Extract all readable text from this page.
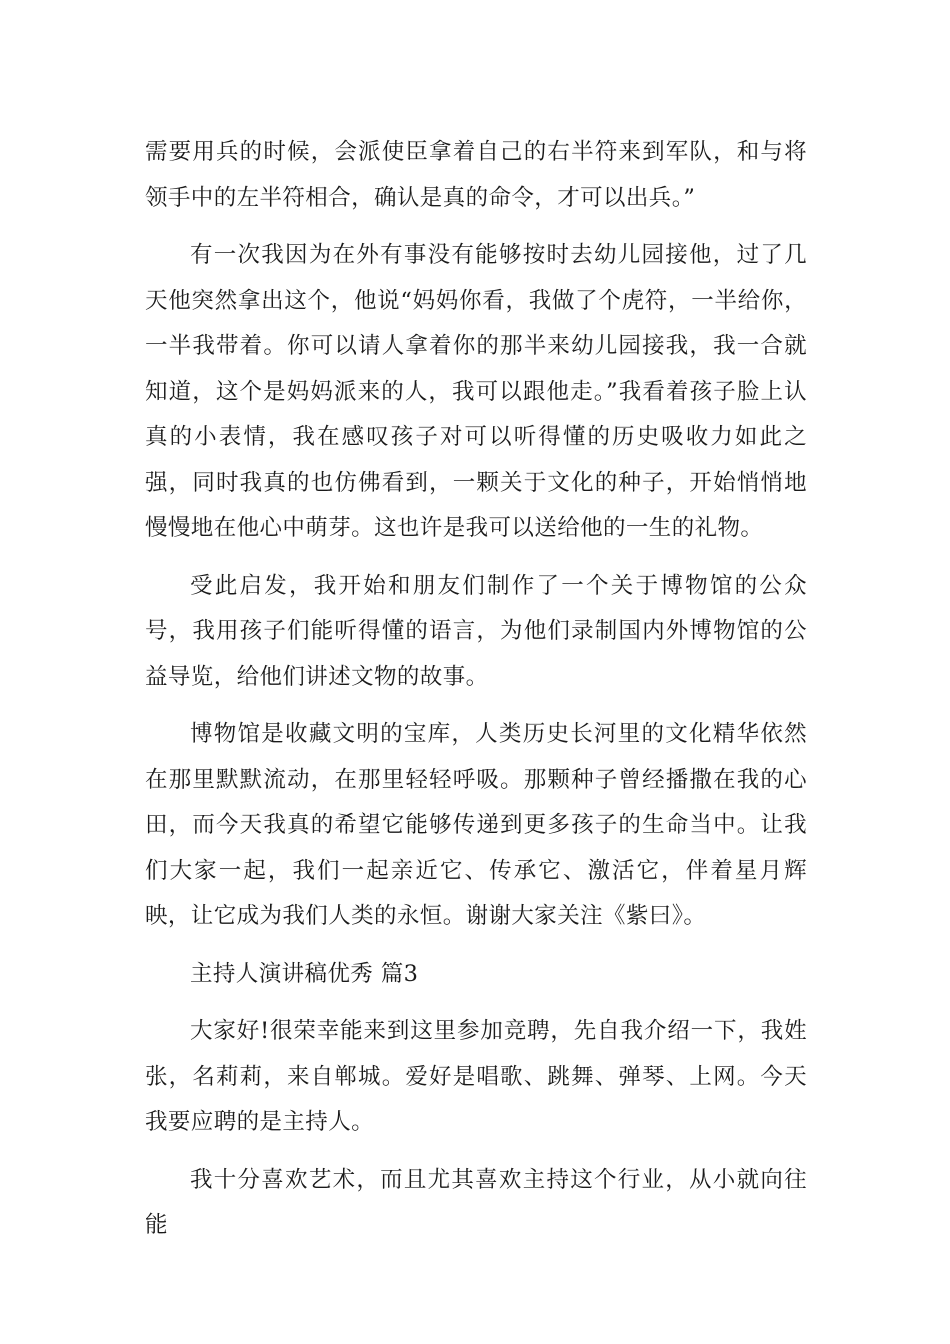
需要用兵的时候，会派使臣拿着自己的右半符来到军队，和与将领手中的左半符相合，确认是真的命令，才可以出兵。”

有一次我因为在外有事没有能够按时去幼儿园接他，过了几天他突然拿出这个，他说“妈妈你看，我做了个虎符，一半给你，一半我带着。你可以请人拿着你的那半来幼儿园接我，我一合就知道，这个是妈妈派来的人，我可以跟他走。”我看着孩子脸上认真的小表情，我在感叹孩子对可以听得懂的历史吸收力如此之强，同时我真的也仿佛看到，一颗关于文化的种子，开始悄悄地慢慢地在他心中萌芽。这也许是我可以送给他的一生的礼物。

受此启发，我开始和朋友们制作了一个关于博物馆的公众号，我用孩子们能听得懂的语言，为他们录制国内外博物馆的公益导览，给他们讲述文物的故事。

博物馆是收藏文明的宝库，人类历史长河里的文化精华依然在那里默默流动，在那里轻轻呼吸。那颗种子曾经播撒在我的心田，而今天我真的希望它能够传递到更多孩子的生命当中。让我们大家一起，我们一起亲近它、传承它、激活它，伴着星月辉映，让它成为我们人类的永恒。谢谢大家关注《紫曰》。

主持人演讲稿优秀 篇3

大家好!很荣幸能来到这里参加竞聘，先自我介绍一下，我姓张，名莉莉，来自郸城。爱好是唱歌、跳舞、弹琴、上网。今天我要应聘的是主持人。

我十分喜欢艺术，而且尤其喜欢主持这个行业，从小就向往能
